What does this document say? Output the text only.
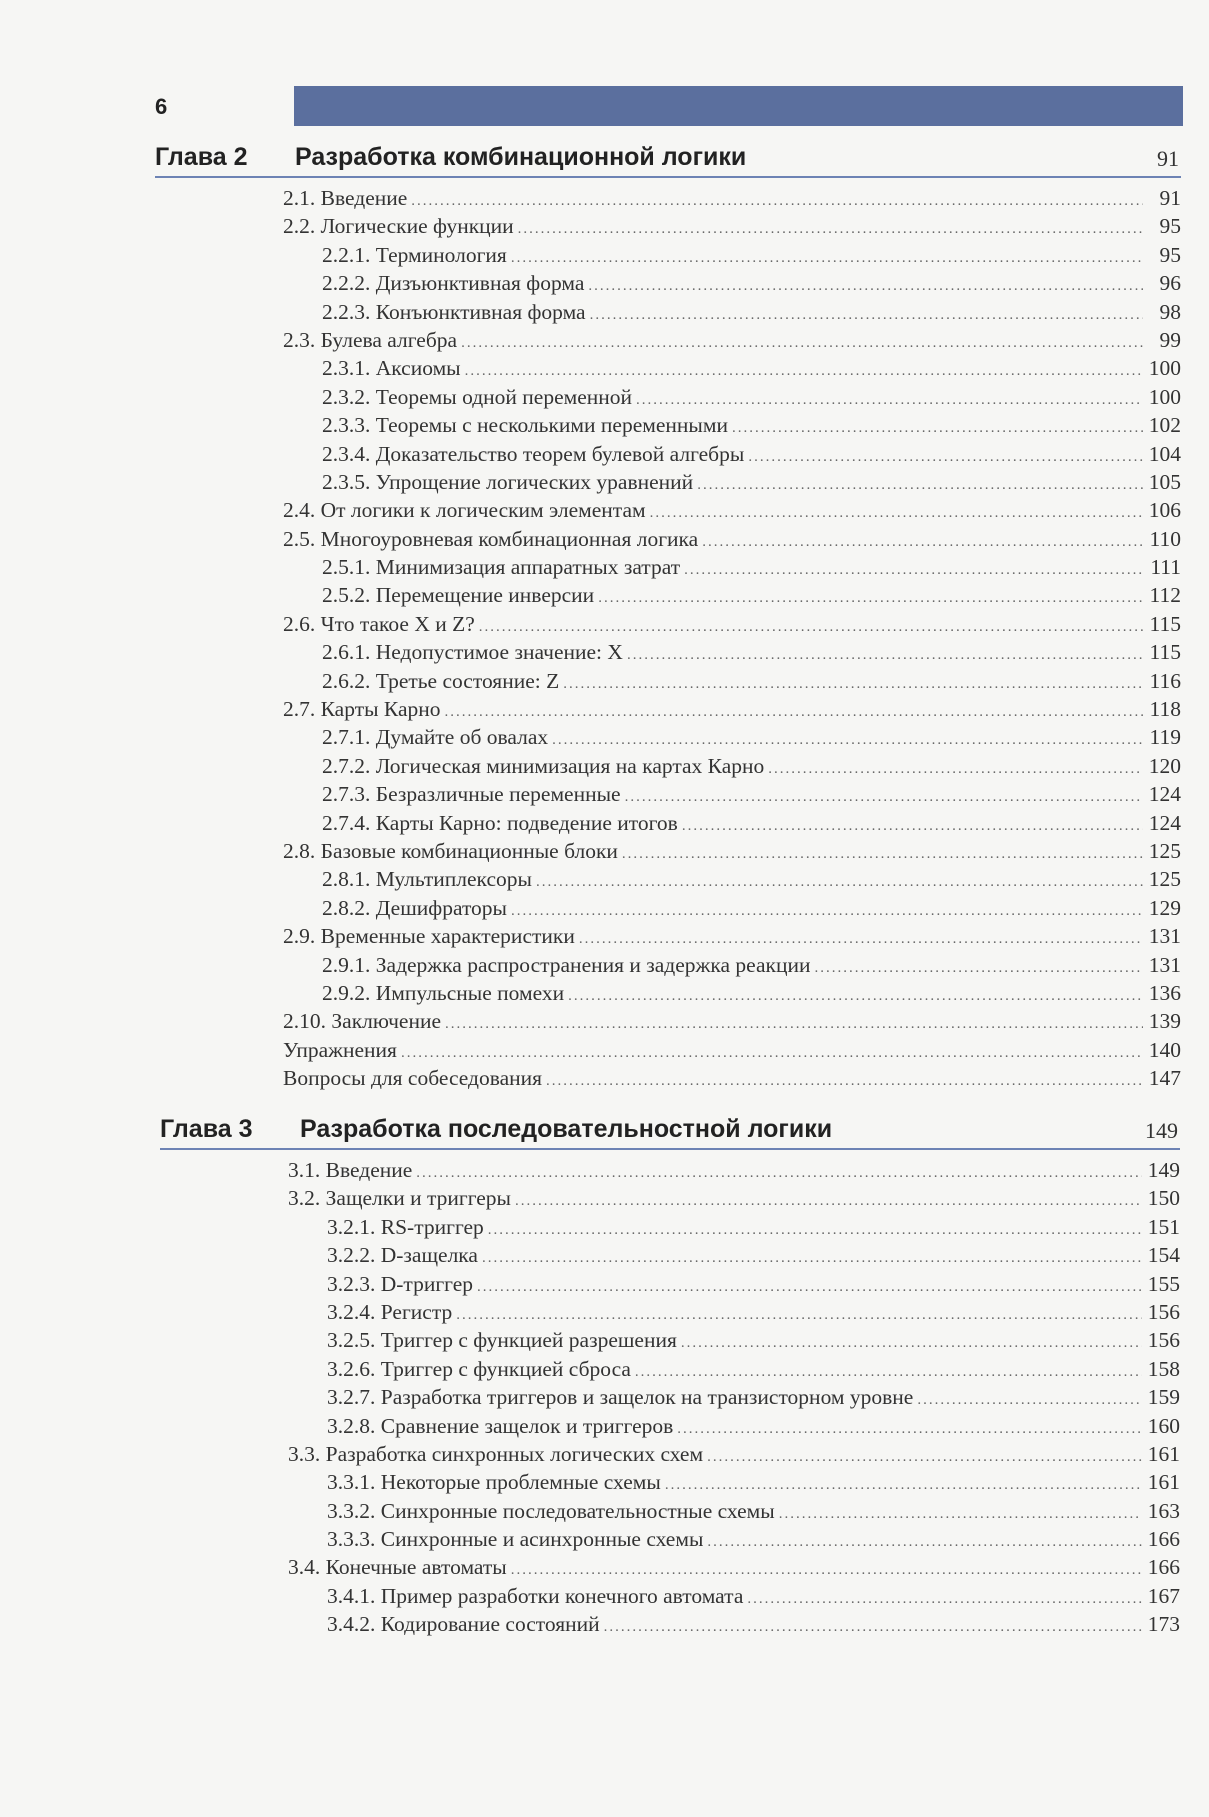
6
Глава 2 Разработка комбинационной логики	91
2.1. Введение .....	91
2.2. Логические функции .....	95
2.2.1. Терминология .....	95
2.2.2. Дизъюнктивная форма .....	96
2.2.3. Конъюнктивная форма .....	98
2.3. Булева алгебра .....	99
2.3.1. Аксиомы .....	100
2.3.2. Теоремы одной переменной .....	100
2.3.3. Теоремы с несколькими переменными .....	102
2.3.4. Доказательство теорем булевой алгебры .....	104
2.3.5. Упрощение логических уравнений .....	105
2.4. От логики к логическим элементам .....	106
2.5. Многоуровневая комбинационная логика .....	110
2.5.1. Минимизация аппаратных затрат .....	111
2.5.2. Перемещение инверсии .....	112
2.6. Что такое X и Z? .....	115
2.6.1. Недопустимое значение: X .....	115
2.6.2. Третье состояние: Z .....	116
2.7. Карты Карно .....	118
2.7.1. Думайте об овалах .....	119
2.7.2. Логическая минимизация на картах Карно .....	120
2.7.3. Безразличные переменные .....	124
2.7.4. Карты Карно: подведение итогов .....	124
2.8. Базовые комбинационные блоки .....	125
2.8.1. Мультиплексоры .....	125
2.8.2. Дешифраторы .....	129
2.9. Временные характеристики .....	131
2.9.1. Задержка распространения и задержка реакции .....	131
2.9.2. Импульсные помехи .....	136
2.10. Заключение .....	139
Упражнения .....	140
Вопросы для собеседования .....	147
Глава 3 Разработка последовательностной логики	149
3.1. Введение .....	149
3.2. Защелки и триггеры .....	150
3.2.1. RS-триггер .....	151
3.2.2. D-защелка .....	154
3.2.3. D-триггер .....	155
3.2.4. Регистр .....	156
3.2.5. Триггер с функцией разрешения .....	156
3.2.6. Триггер с функцией сброса .....	158
3.2.7. Разработка триггеров и защелок на транзисторном уровне .....	159
3.2.8. Сравнение защелок и триггеров .....	160
3.3. Разработка синхронных логических схем .....	161
3.3.1. Некоторые проблемные схемы .....	161
3.3.2. Синхронные последовательностные схемы .....	163
3.3.3. Синхронные и асинхронные схемы .....	166
3.4. Конечные автоматы .....	166
3.4.1. Пример разработки конечного автомата .....	167
3.4.2. Кодирование состояний .....	173
